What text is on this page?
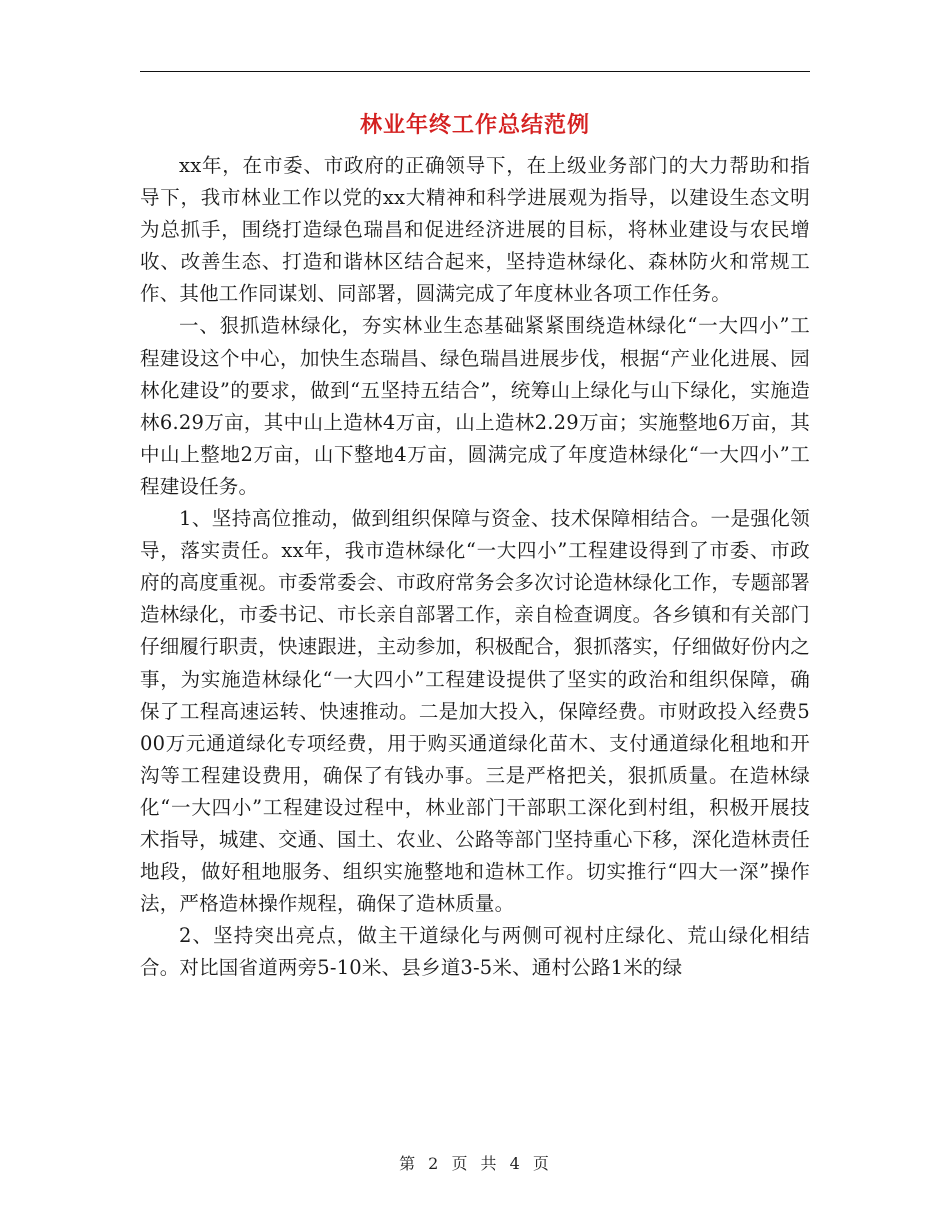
林业年终工作总结范例

xx年，在市委、市政府的正确领导下，在上级业务部门的大力帮助和指导下，我市林业工作以党的xx大精神和科学进展观为指导，以建设生态文明为总抓手，围绕打造绿色瑞昌和促进经济进展的目标，将林业建设与农民增收、改善生态、打造和谐林区结合起来，坚持造林绿化、森林防火和常规工作、其他工作同谋划、同部署，圆满完成了年度林业各项工作任务。

一、狠抓造林绿化，夯实林业生态基础紧紧围绕造林绿化“一大四小”工程建设这个中心，加快生态瑞昌、绿色瑞昌进展步伐，根据“产业化进展、园林化建设”的要求，做到“五坚持五结合”，统筹山上绿化与山下绿化，实施造林6.29万亩，其中山上造林4万亩，山上造林2.29万亩；实施整地6万亩，其中山上整地2万亩，山下整地4万亩，圆满完成了年度造林绿化“一大四小”工程建设任务。

1、坚持高位推动，做到组织保障与资金、技术保障相结合。一是强化领导，落实责任。xx年，我市造林绿化“一大四小”工程建设得到了市委、市政府的高度重视。市委常委会、市政府常务会多次讨论造林绿化工作，专题部署造林绿化，市委书记、市长亲自部署工作，亲自检查调度。各乡镇和有关部门仔细履行职责，快速跟进，主动参加，积极配合，狠抓落实，仔细做好份内之事，为实施造林绿化“一大四小”工程建设提供了坚实的政治和组织保障，确保了工程高速运转、快速推动。二是加大投入，保障经费。市财政投入经费500万元通道绿化专项经费，用于购买通道绿化苗木、支付通道绿化租地和开沟等工程建设费用，确保了有钱办事。三是严格把关，狠抓质量。在造林绿化“一大四小”工程建设过程中，林业部门干部职工深化到村组，积极开展技术指导，城建、交通、国土、农业、公路等部门坚持重心下移，深化造林责任地段，做好租地服务、组织实施整地和造林工作。切实推行“四大一深”操作法，严格造林操作规程，确保了造林质量。

2、坚持突出亮点，做主干道绿化与两侧可视村庄绿化、荒山绿化相结合。对比国省道两旁5-10米、县乡道3-5米、通村公路1米的绿

第 2 页 共 4 页
